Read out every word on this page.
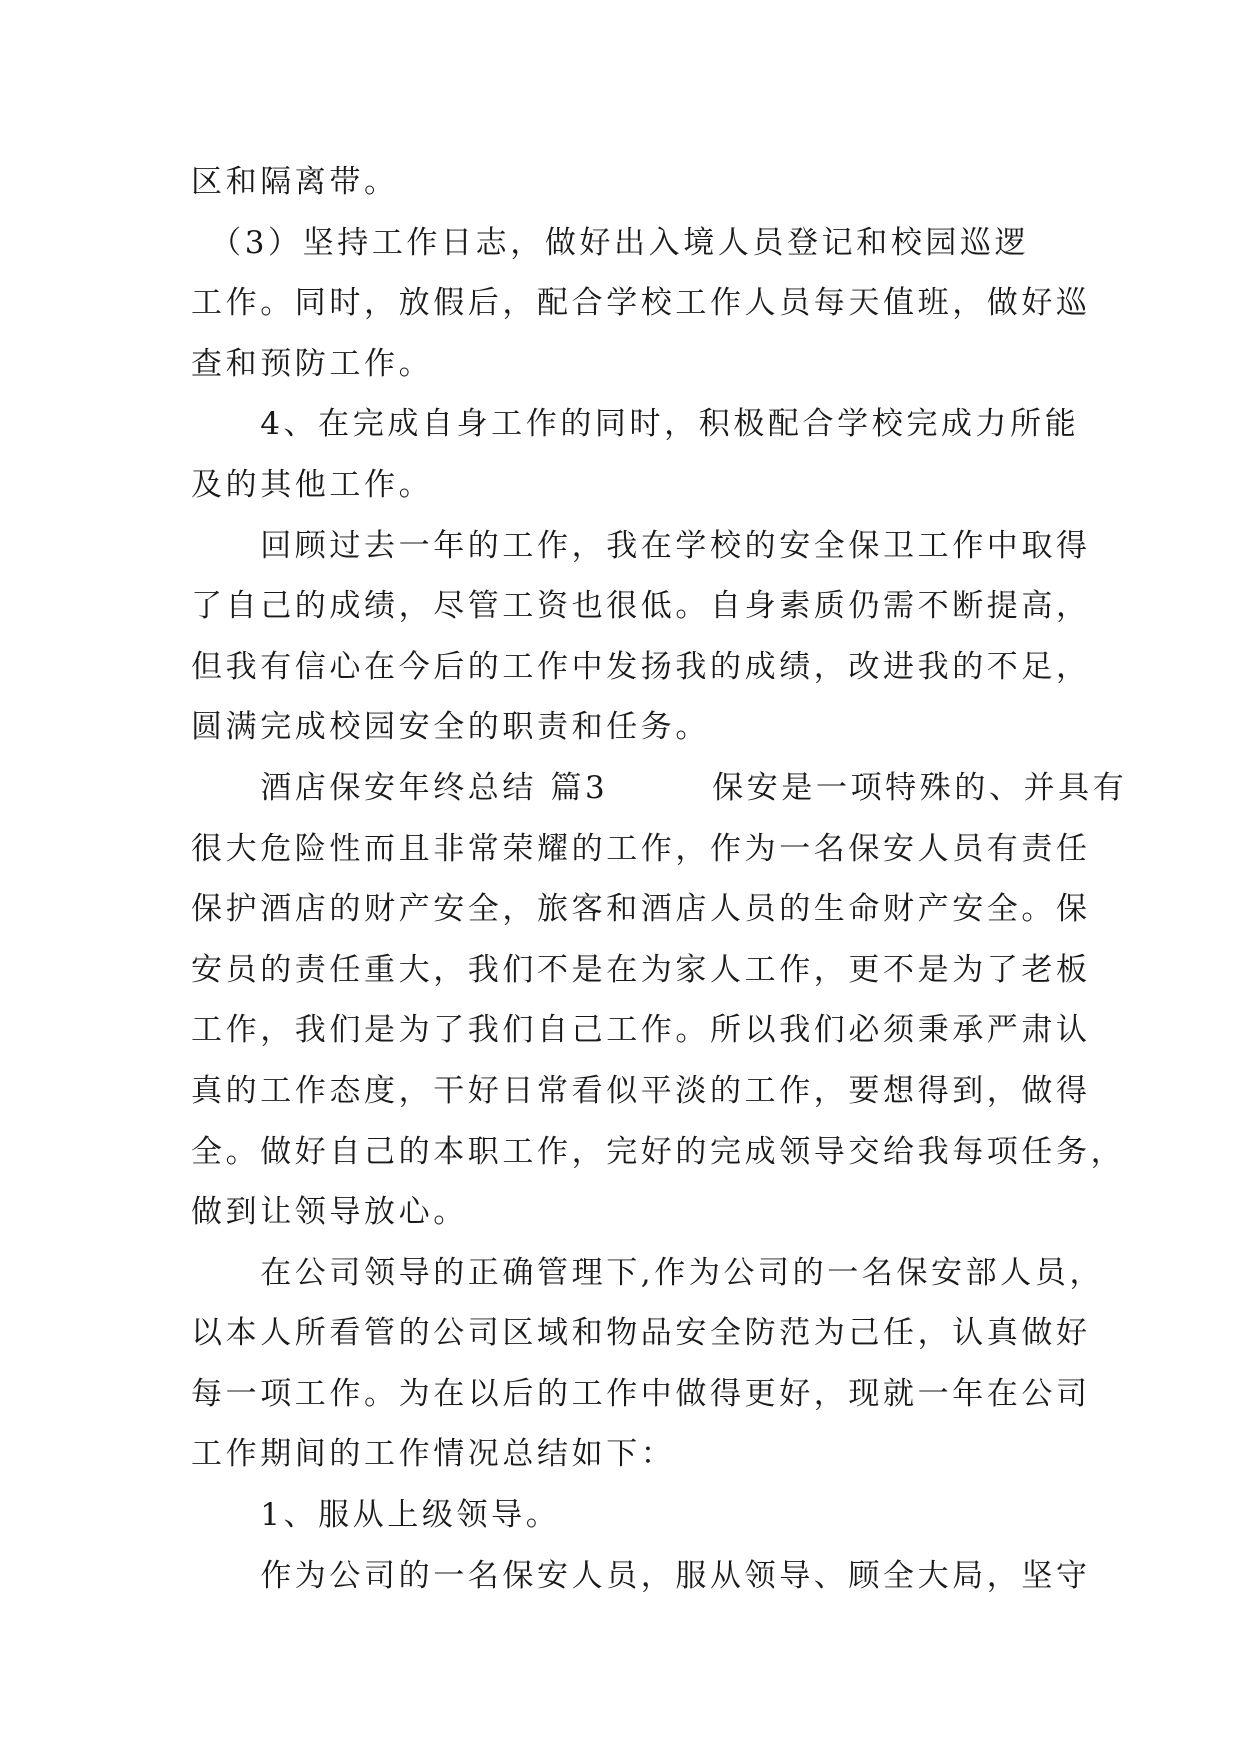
区和隔离带。
　（3）坚持工作日志，做好出入境人员登记和校园巡逻
工作。同时，放假后，配合学校工作人员每天值班，做好巡
查和预防工作。
　　4、在完成自身工作的同时，积极配合学校完成力所能
及的其他工作。
　　回顾过去一年的工作，我在学校的安全保卫工作中取得
了自己的成绩，尽管工资也很低。自身素质仍需不断提高，
但我有信心在今后的工作中发扬我的成绩，改进我的不足，
圆满完成校园安全的职责和任务。
　　酒店保安年终总结 篇3　　　保安是一项特殊的、并具有
很大危险性而且非常荣耀的工作，作为一名保安人员有责任
保护酒店的财产安全，旅客和酒店人员的生命财产安全。保
安员的责任重大，我们不是在为家人工作，更不是为了老板
工作，我们是为了我们自己工作。所以我们必须秉承严肃认
真的工作态度，干好日常看似平淡的工作，要想得到，做得
全。做好自己的本职工作，完好的完成领导交给我每项任务，
做到让领导放心。
　　在公司领导的正确管理下,作为公司的一名保安部人员，
以本人所看管的公司区域和物品安全防范为己任，认真做好
每一项工作。为在以后的工作中做得更好，现就一年在公司
工作期间的工作情况总结如下：
　　1、服从上级领导。
　　作为公司的一名保安人员，服从领导、顾全大局，坚守
